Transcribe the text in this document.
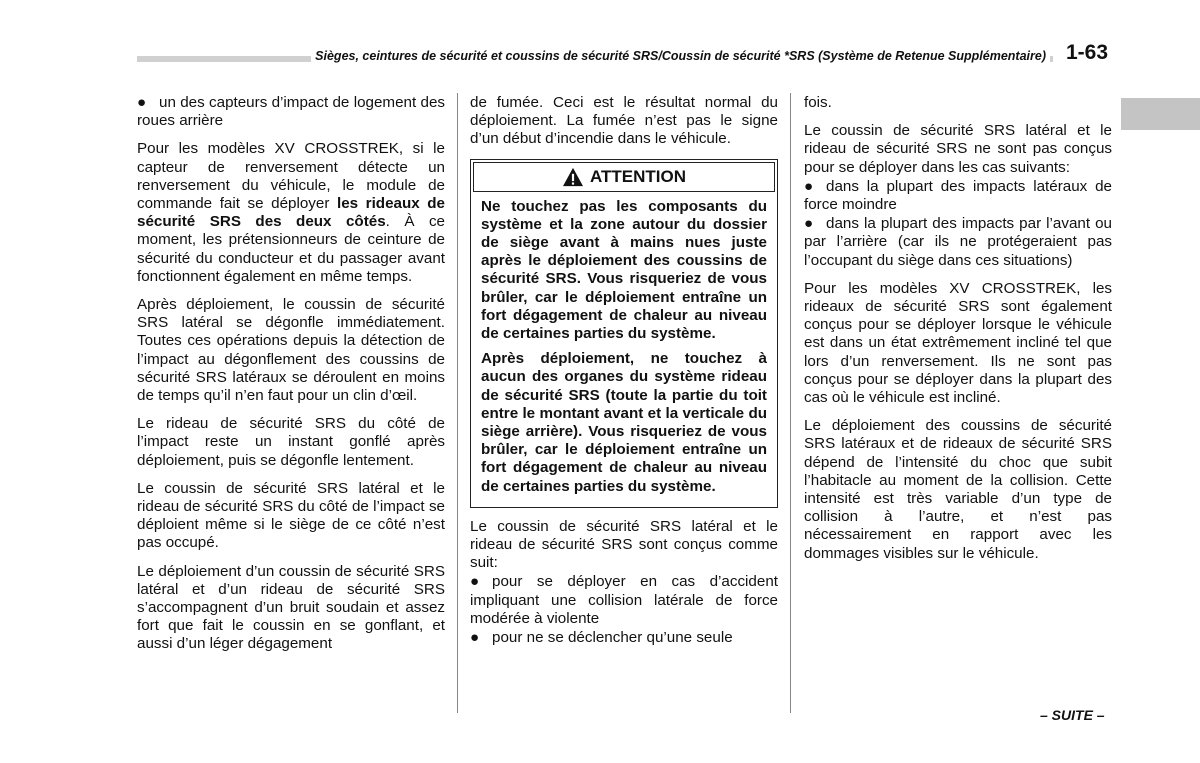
Sièges, ceintures de sécurité et coussins de sécurité SRS/Coussin de sécurité *SRS (Système de Retenue Supplémentaire) 1-63

● un des capteurs d’impact de logement des roues arrière

Pour les modèles XV CROSSTREK, si le capteur de renversement détecte un renversement du véhicule, le module de commande fait se déployer les rideaux de sécurité SRS des deux côtés. À ce moment, les prétensionneurs de ceinture de sécurité du conducteur et du passager avant fonctionnent également en même temps.

Après déploiement, le coussin de sécurité SRS latéral se dégonfle immédiatement. Toutes ces opérations depuis la détection de l’impact au dégonflement des coussins de sécurité SRS latéraux se déroulent en moins de temps qu’il n’en faut pour un clin d’œil.

Le rideau de sécurité SRS du côté de l’impact reste un instant gonflé après déploiement, puis se dégonfle lentement.

Le coussin de sécurité SRS latéral et le rideau de sécurité SRS du côté de l’impact se déploient même si le siège de ce côté n’est pas occupé.

Le déploiement d’un coussin de sécurité SRS latéral et d’un rideau de sécurité SRS s’accompagnent d’un bruit soudain et assez fort que fait le coussin en se gonflant, et aussi d’un léger dégagement

de fumée. Ceci est le résultat normal du déploiement. La fumée n’est pas le signe d’un début d’incendie dans le véhicule.

ATTENTION

Ne touchez pas les composants du système et la zone autour du dossier de siège avant à mains nues juste après le déploiement des coussins de sécurité SRS. Vous risqueriez de vous brûler, car le déploiement entraîne un fort dégagement de chaleur au niveau de certaines parties du système.

Après déploiement, ne touchez à aucun des organes du système rideau de sécurité SRS (toute la partie du toit entre le montant avant et la verticale du siège arrière). Vous risqueriez de vous brûler, car le déploiement entraîne un fort dégagement de chaleur au niveau de certaines parties du système.

Le coussin de sécurité SRS latéral et le rideau de sécurité SRS sont conçus comme suit:

● pour se déployer en cas d’accident impliquant une collision latérale de force modérée à violente

● pour ne se déclencher qu’une seule

fois.

Le coussin de sécurité SRS latéral et le rideau de sécurité SRS ne sont pas conçus pour se déployer dans les cas suivants:

● dans la plupart des impacts latéraux de force moindre

● dans la plupart des impacts par l’avant ou par l’arrière (car ils ne protégeraient pas l’occupant du siège dans ces situations)

Pour les modèles XV CROSSTREK, les rideaux de sécurité SRS sont également conçus pour se déployer lorsque le véhicule est dans un état extrêmement incliné tel que lors d’un renversement. Ils ne sont pas conçus pour se déployer dans la plupart des cas où le véhicule est incliné.

Le déploiement des coussins de sécurité SRS latéraux et de rideaux de sécurité SRS dépend de l’intensité du choc que subit l’habitacle au moment de la collision. Cette intensité est très variable d’un type de collision à l’autre, et n’est pas nécessairement en rapport avec les dommages visibles sur le véhicule.

– SUITE –
